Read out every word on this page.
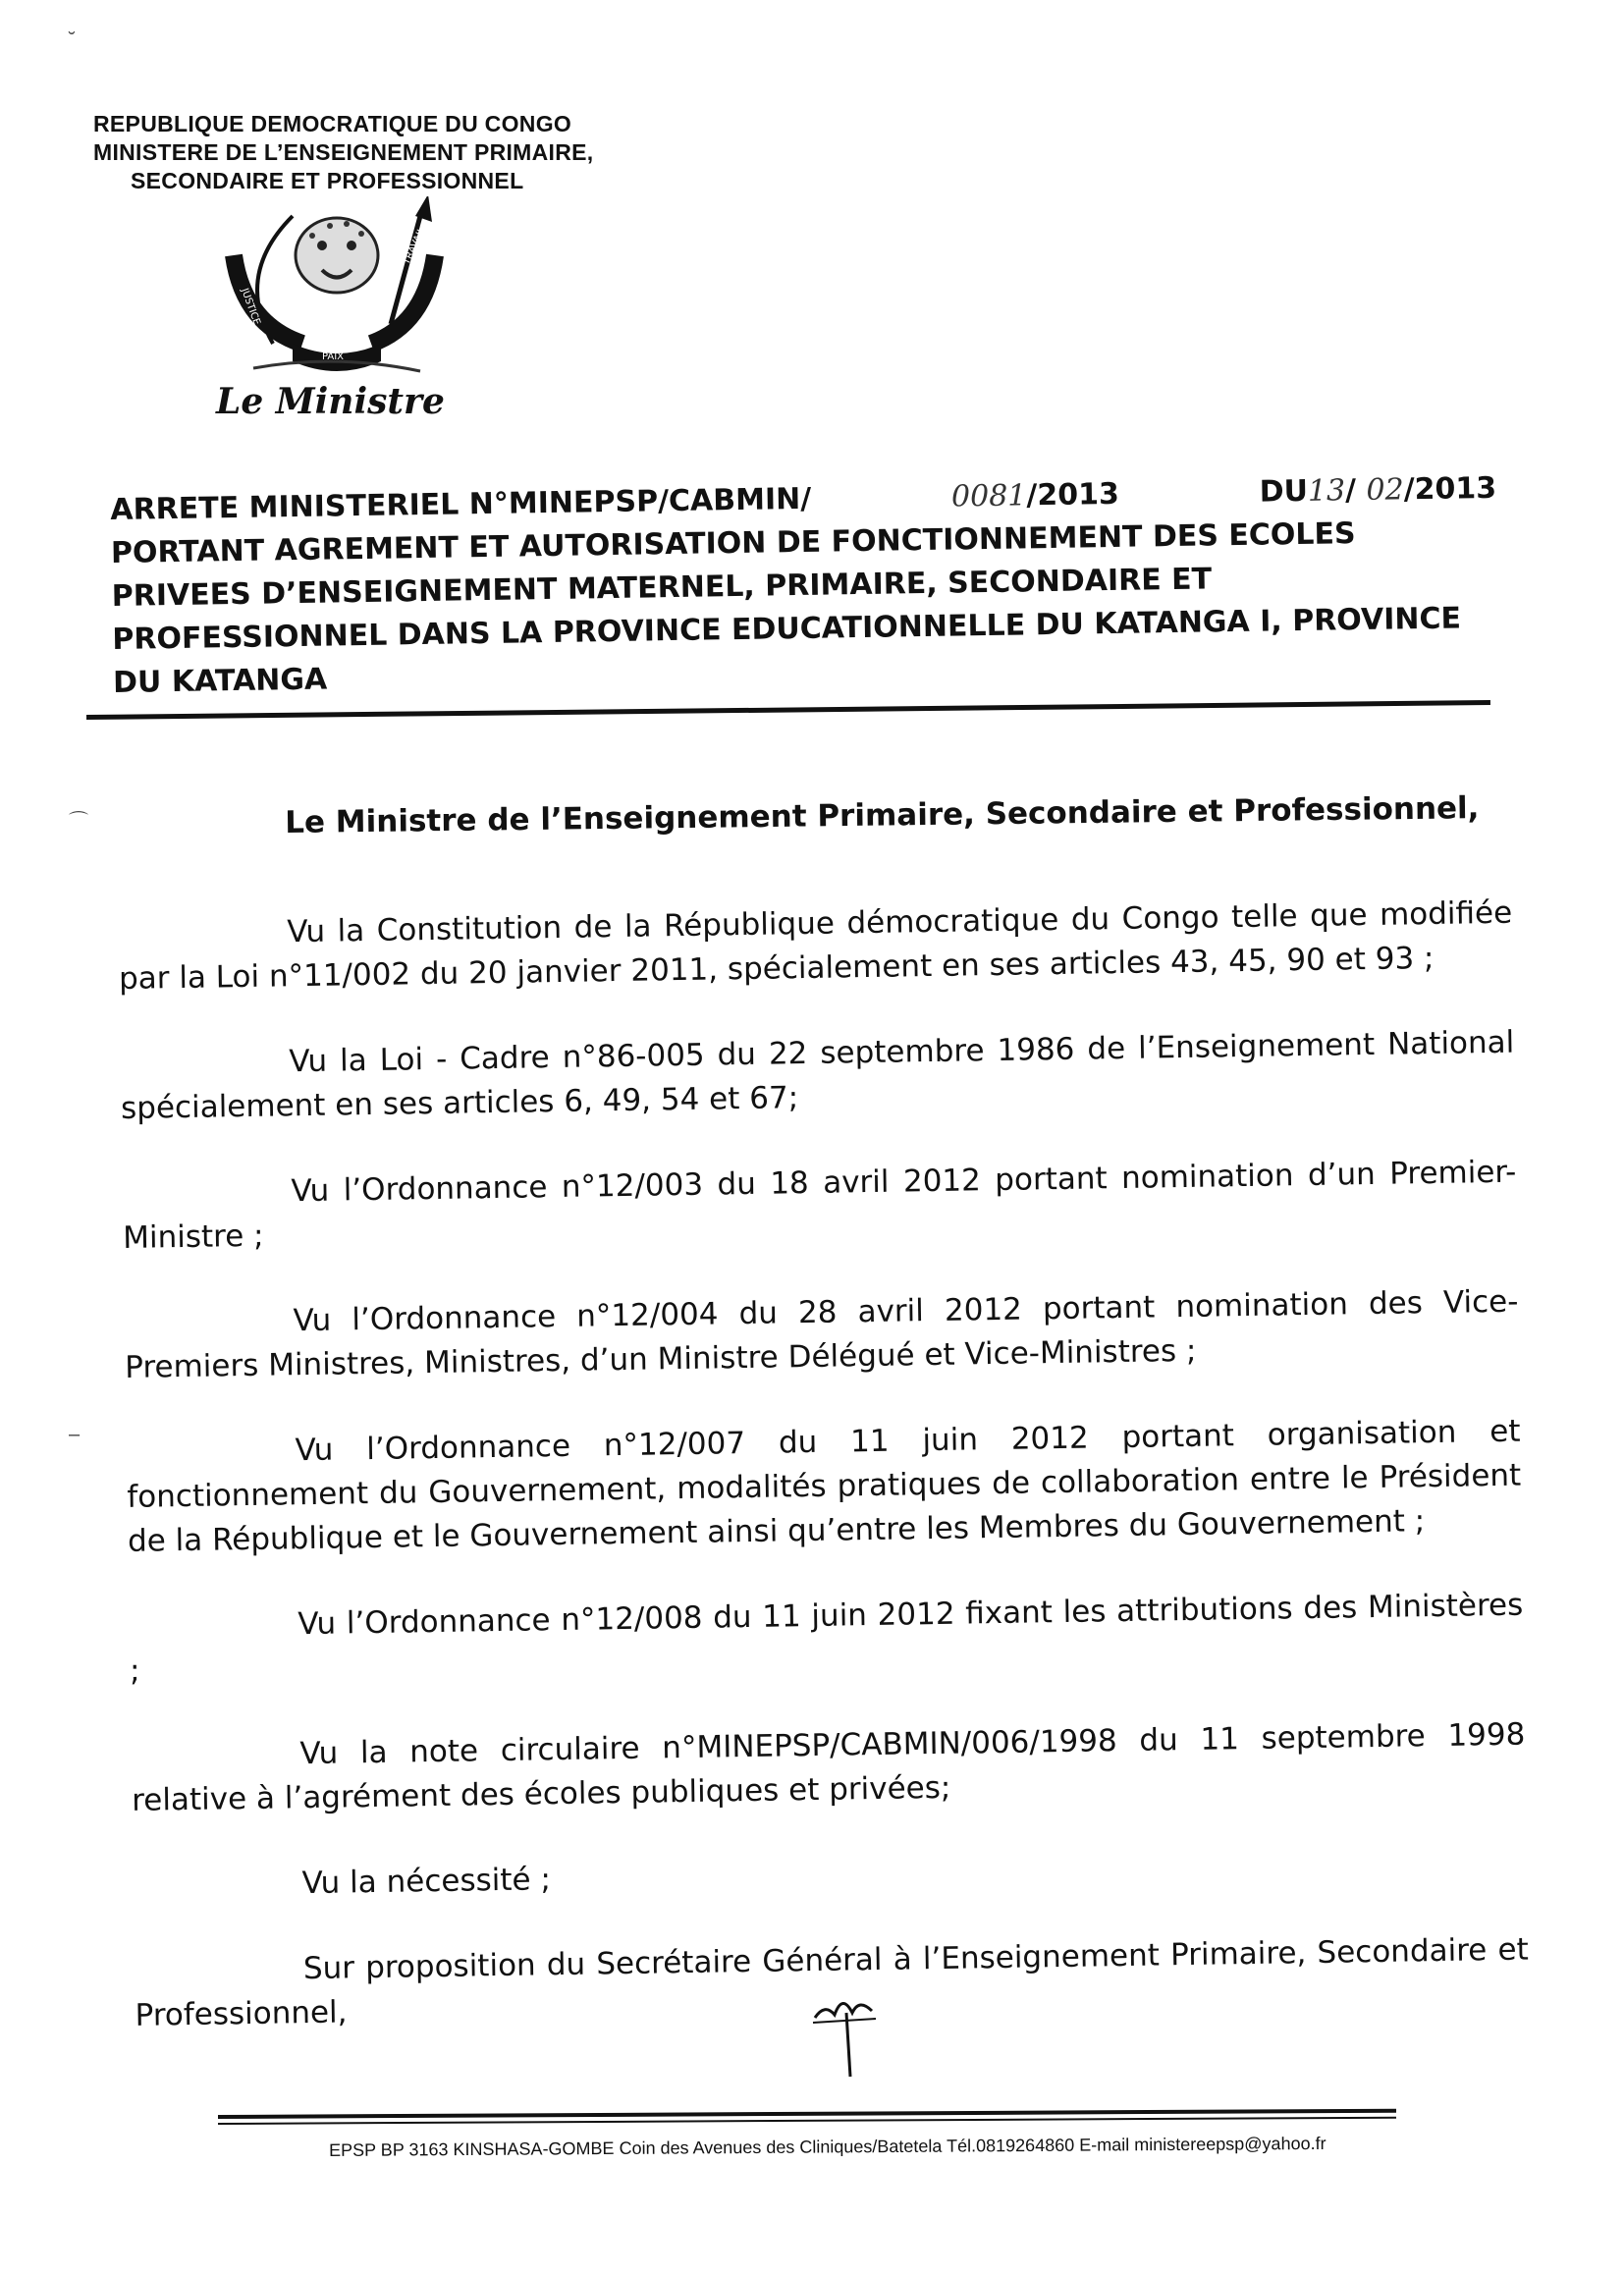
REPUBLIQUE DEMOCRATIQUE DU CONGO
MINISTERE DE L’ENSEIGNEMENT PRIMAIRE,
SECONDAIRE ET PROFESSIONNEL
JUSTICE
TRAVAIL
PAIX
Le Ministre
ARRETE MINISTERIEL N°MINEPSP/CABMIN/	0081/2013	DU13/ 02/2013
PORTANT AGREMENT ET AUTORISATION DE FONCTIONNEMENT DES ECOLES
PRIVEES D’ENSEIGNEMENT MATERNEL, PRIMAIRE, SECONDAIRE ET
PROFESSIONNEL DANS LA PROVINCE EDUCATIONNELLE DU KATANGA I, PROVINCE
DU KATANGA
Le Ministre de l’Enseignement Primaire, Secondaire et Professionnel,

Vu la Constitution de la République démocratique du Congo telle que modifiée par la Loi n°11/002 du 20 janvier 2011, spécialement en ses articles 43, 45, 90 et 93 ;

Vu la Loi - Cadre n°86-005 du 22 septembre 1986 de l’Enseignement National spécialement en ses articles 6, 49, 54 et 67;

Vu l’Ordonnance n°12/003 du 18 avril 2012 portant nomination d’un Premier-Ministre ;

Vu l’Ordonnance n°12/004 du 28 avril 2012 portant nomination des Vice-Premiers Ministres, Ministres, d’un Ministre Délégué et Vice-Ministres ;

Vu l’Ordonnance n°12/007 du 11 juin 2012 portant organisation et fonctionnement du Gouvernement, modalités pratiques de collaboration entre le Président de la République et le Gouvernement ainsi qu’entre les Membres du Gouvernement ;

Vu l’Ordonnance n°12/008 du 11 juin 2012 fixant les attributions des Ministères ;

Vu la note circulaire n°MINEPSP/CABMIN/006/1998 du 11 septembre 1998 relative à l’agrément des écoles publiques et privées;

Vu la nécessité ;

Sur proposition du Secrétaire Général à l’Enseignement Primaire, Secondaire et Professionnel,

EPSP BP 3163 KINSHASA-GOMBE Coin des Avenues des Cliniques/Batetela Tél.0819264860 E-mail ministereepsp@yahoo.fr
˘
⌒
–
